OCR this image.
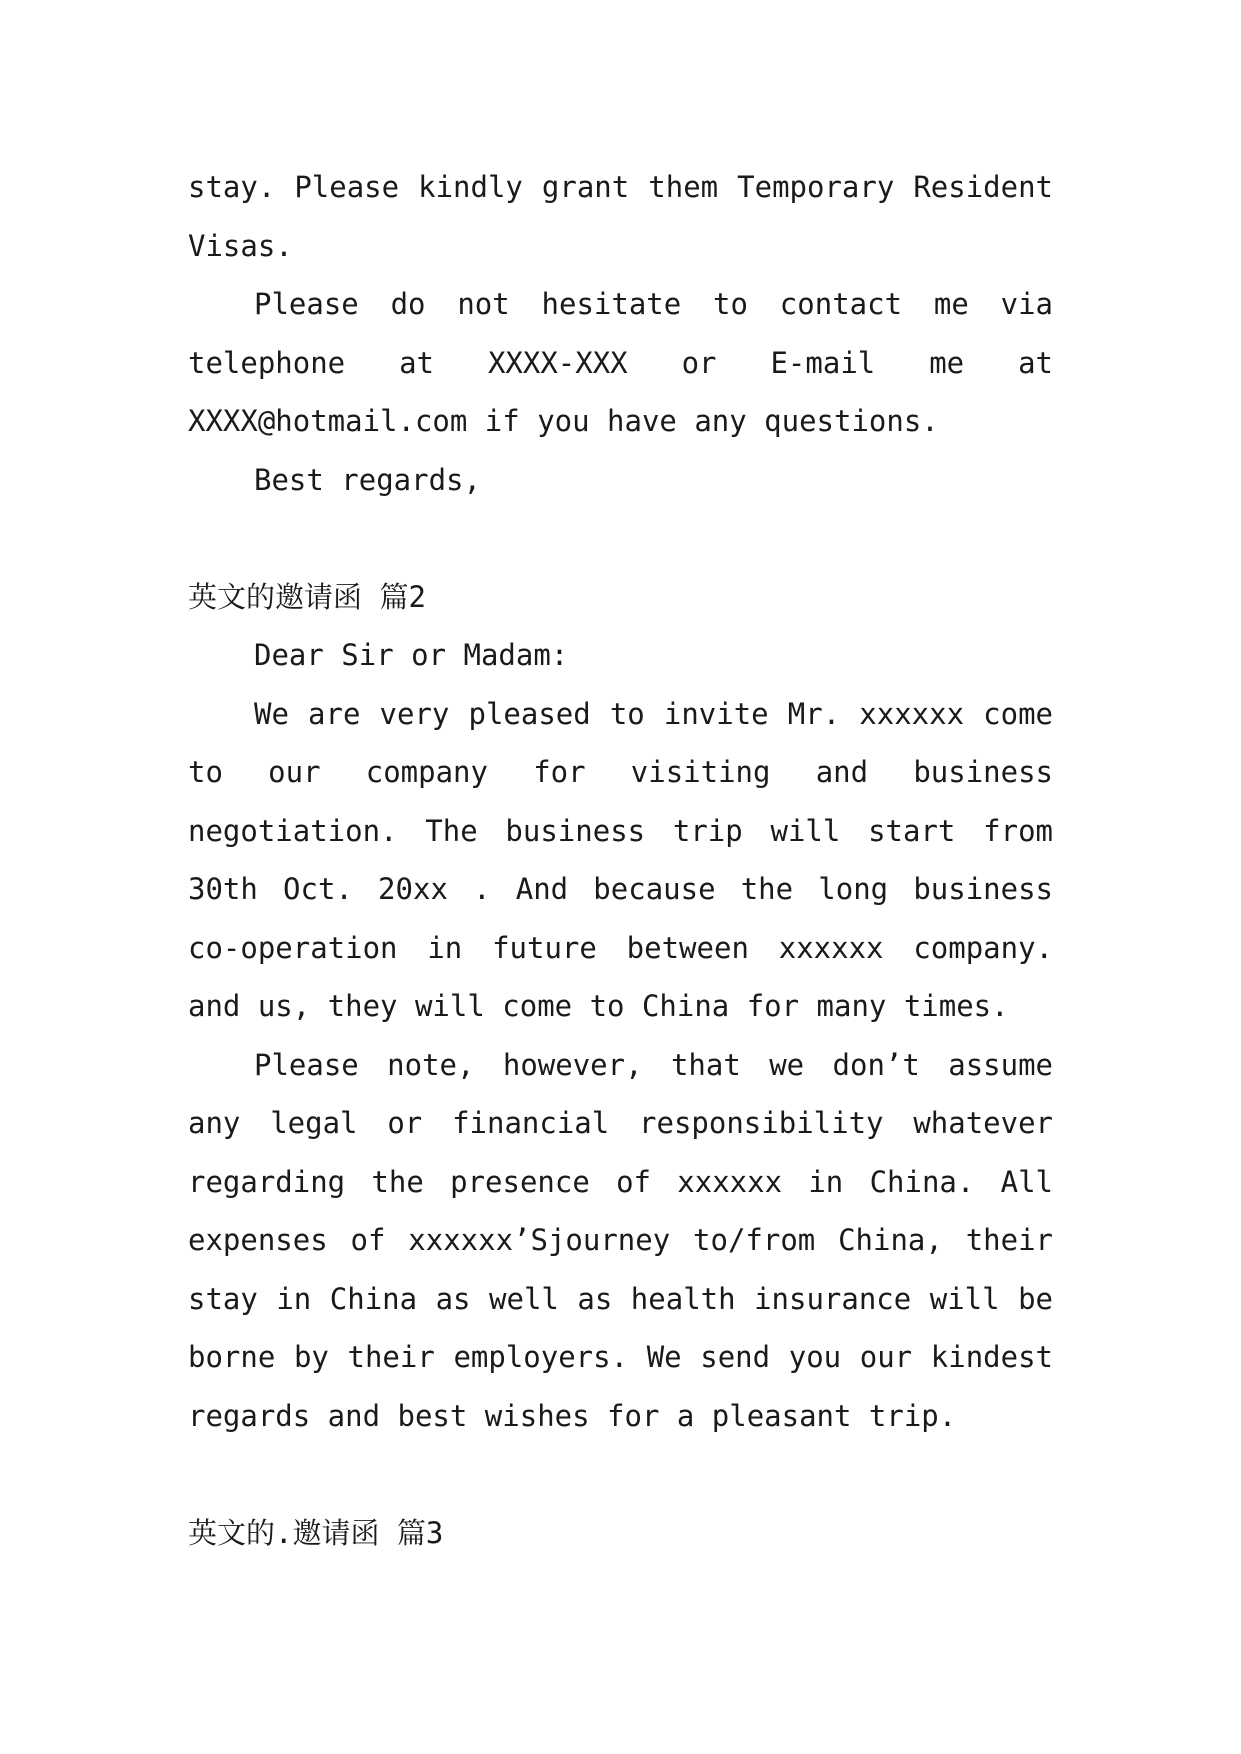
stay. Please kindly grant them Temporary Resident Visas.

Please do not hesitate to contact me via telephone at XXXX-XXX or E-mail me at XXXX@hotmail.com if you have any questions.

Best regards,

英文的邀请函 篇2

Dear Sir or Madam:

We are very pleased to invite Mr. xxxxxx come to our company for visiting and business negotiation. The business trip will start from 30th Oct. 20xx . And because the long business co-operation in future between xxxxxx company. and us, they will come to China for many times.

Please note, however, that we don’t assume any legal or financial responsibility whatever regarding the presence of xxxxxx in China. All expenses of xxxxxx’Sjourney to/from China, their stay in China as well as health insurance will be borne by their employers. We send you our kindest regards and best wishes for a pleasant trip.

英文的.邀请函 篇3
